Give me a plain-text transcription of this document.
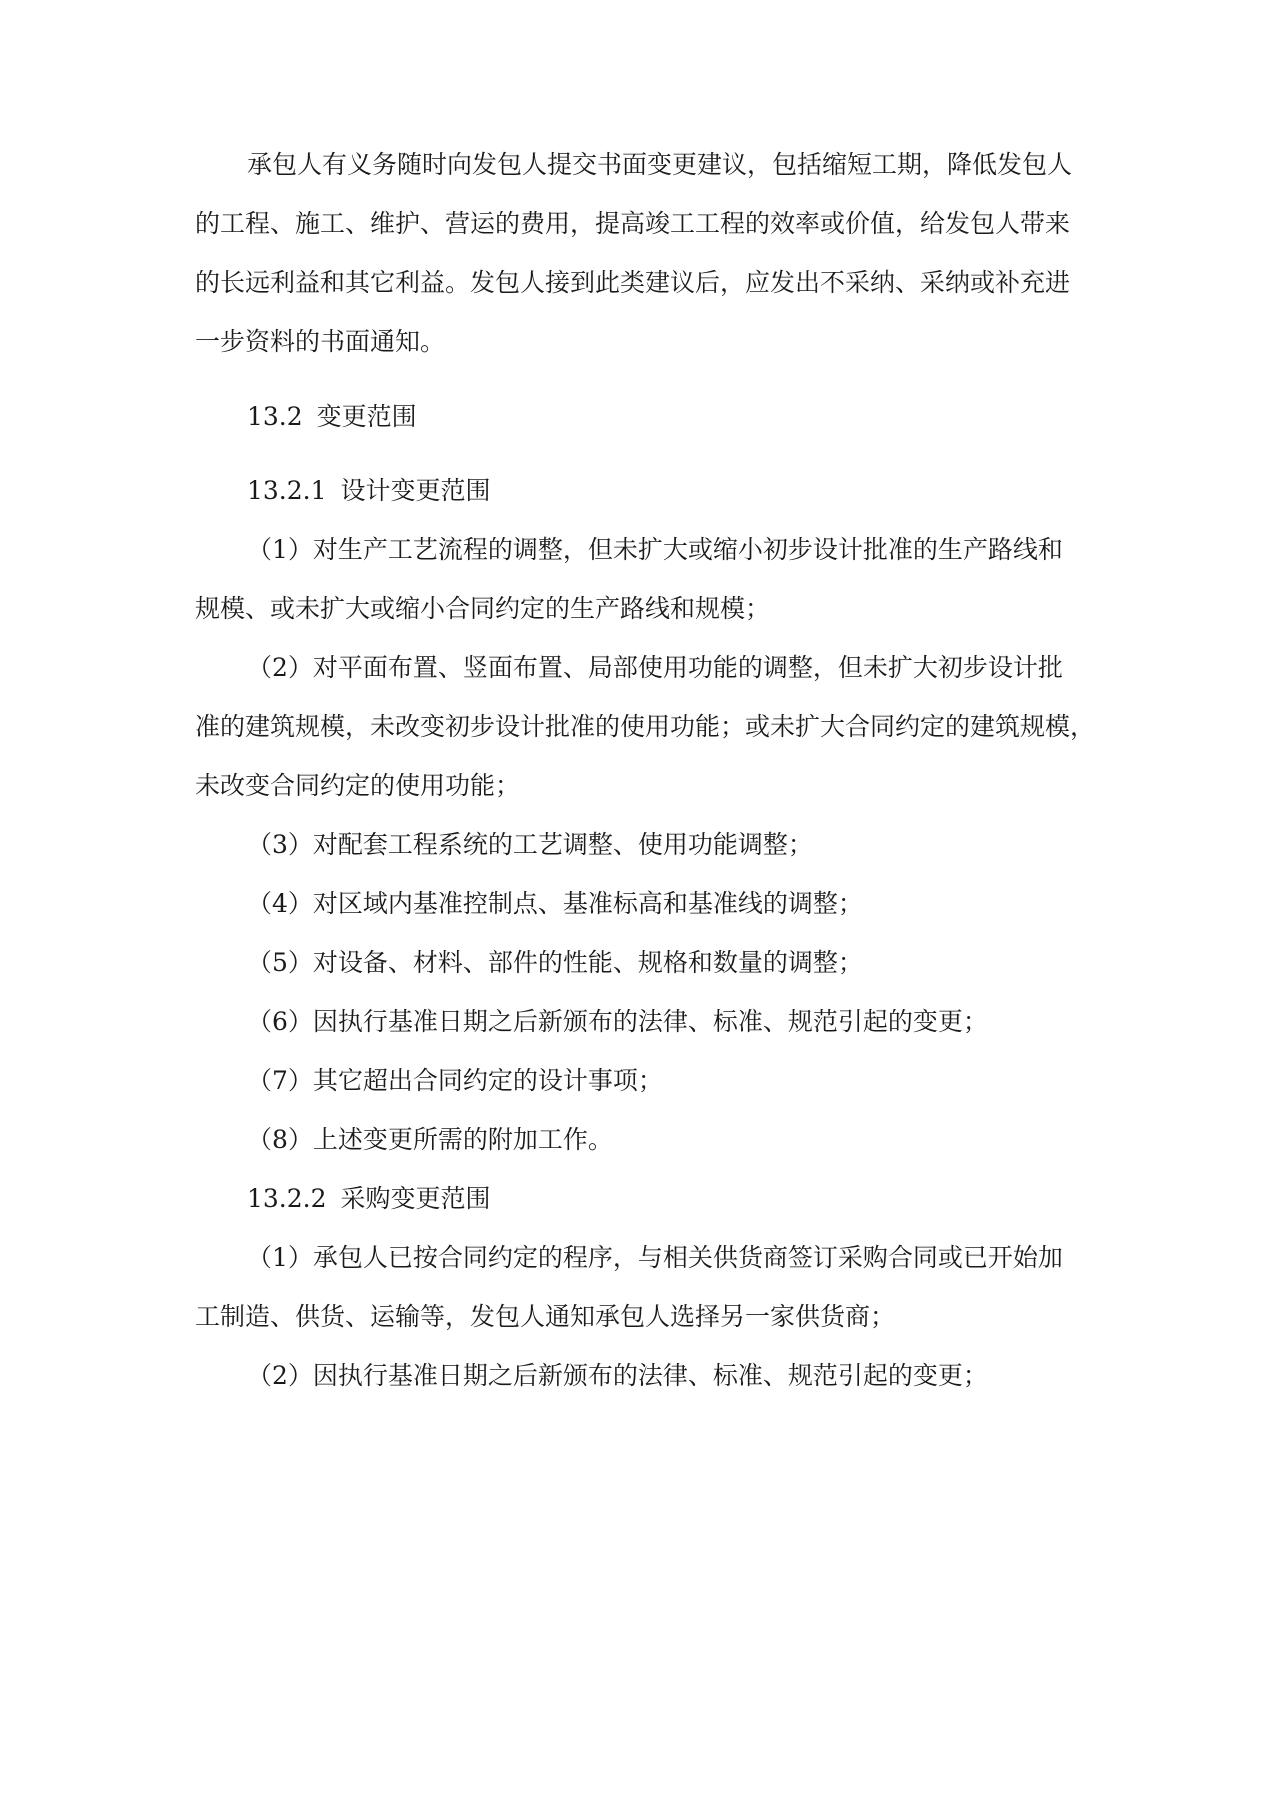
承包人有义务随时向发包人提交书面变更建议，包括缩短工期，降低发包人
的工程、施工、维护、营运的费用，提高竣工工程的效率或价值，给发包人带来
的长远利益和其它利益。发包人接到此类建议后，应发出不采纳、采纳或补充进
一步资料的书面通知。
13.2 变更范围
13.2.1 设计变更范围
（1）对生产工艺流程的调整，但未扩大或缩小初步设计批准的生产路线和
规模、或未扩大或缩小合同约定的生产路线和规模；
（2）对平面布置、竖面布置、局部使用功能的调整，但未扩大初步设计批
准的建筑规模，未改变初步设计批准的使用功能；或未扩大合同约定的建筑规模，
未改变合同约定的使用功能；
（3）对配套工程系统的工艺调整、使用功能调整；
（4）对区域内基准控制点、基准标高和基准线的调整；
（5）对设备、材料、部件的性能、规格和数量的调整；
（6）因执行基准日期之后新颁布的法律、标准、规范引起的变更；
（7）其它超出合同约定的设计事项；
（8）上述变更所需的附加工作。
13.2.2 采购变更范围
（1）承包人已按合同约定的程序，与相关供货商签订采购合同或已开始加
工制造、供货、运输等，发包人通知承包人选择另一家供货商；
（2）因执行基准日期之后新颁布的法律、标准、规范引起的变更；
